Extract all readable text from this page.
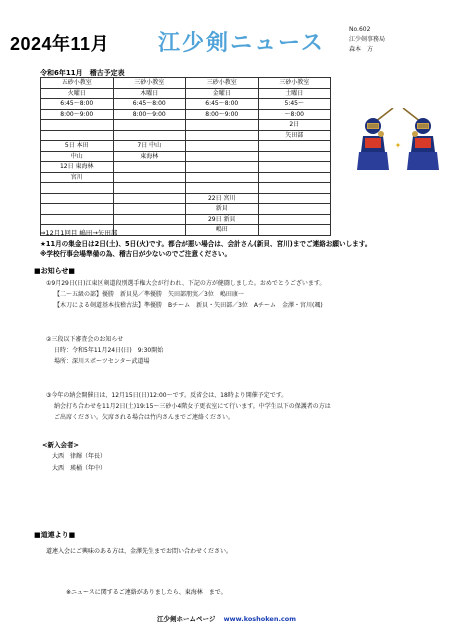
2024年11月 江少剣ニュース
No.602
江少剣事務局
森本　方
令和6年11月　稽古予定表
五砂小教室	三砂小教室	三砂小教室	三砂小教室
火曜日	木曜日	金曜日	土曜日
6:45～8:00	6:45～8:00	6:45～8:00	5:45～
8:00～9:00	8:00～9:00	8:00～9:00	～8:00
			2日
			矢田部
5日 本田	7日 中山		
中山	東海林		
12日 東海林			
宮川			

		22日 宮川	
		新貝	
		29日 新貝	
		嶋田	
✦
⇒12月1回目 嶋田→矢田部
★11月の集金日は2日(土)、5日(火)です。都合が悪い場合は、会計さん(新貝、宮川)までご連絡お願いします。
※学校行事会場準備の為、稽古日が少ないのでご注意ください。
■お知らせ■
①9月29日(日)江東区剣道段別選手権大会が行われ、下記の方が健闘しました。おめでとうございます。
【二～五級の部】優勝　新貝晃／準優勝　矢田部朋実／3位　嶋田康一
【木刀による剣道基本技稽古法】準優勝　Bチーム　新貝・矢田部／3位　Aチーム　金澤・宮川(颯)
②三段以下審査会のお知らせ
日時：令和5年11月24日(日)　9:30開始
場所：深川スポーツセンター武道場
③今年の納会開催日は、12月15日(日)12:00～です。反省会は、18時より開催予定です。
納会打ち合わせを11月2日(土)19:15～三砂小4階女子更衣室にて行います。中学生以下の保護者の方は
ご出席ください。欠席される場合は竹内さんまでご連絡ください。
<新入会者>
大西　律輝（年長）
大西　瑛桶（年中）
■道連より■
道連入会にご興味のある方は、金澤先生までお問い合わせください。
※ニュースに関するご連絡がありましたら、東海林　まで。
江少剣ホームページ www.koshoken.com
